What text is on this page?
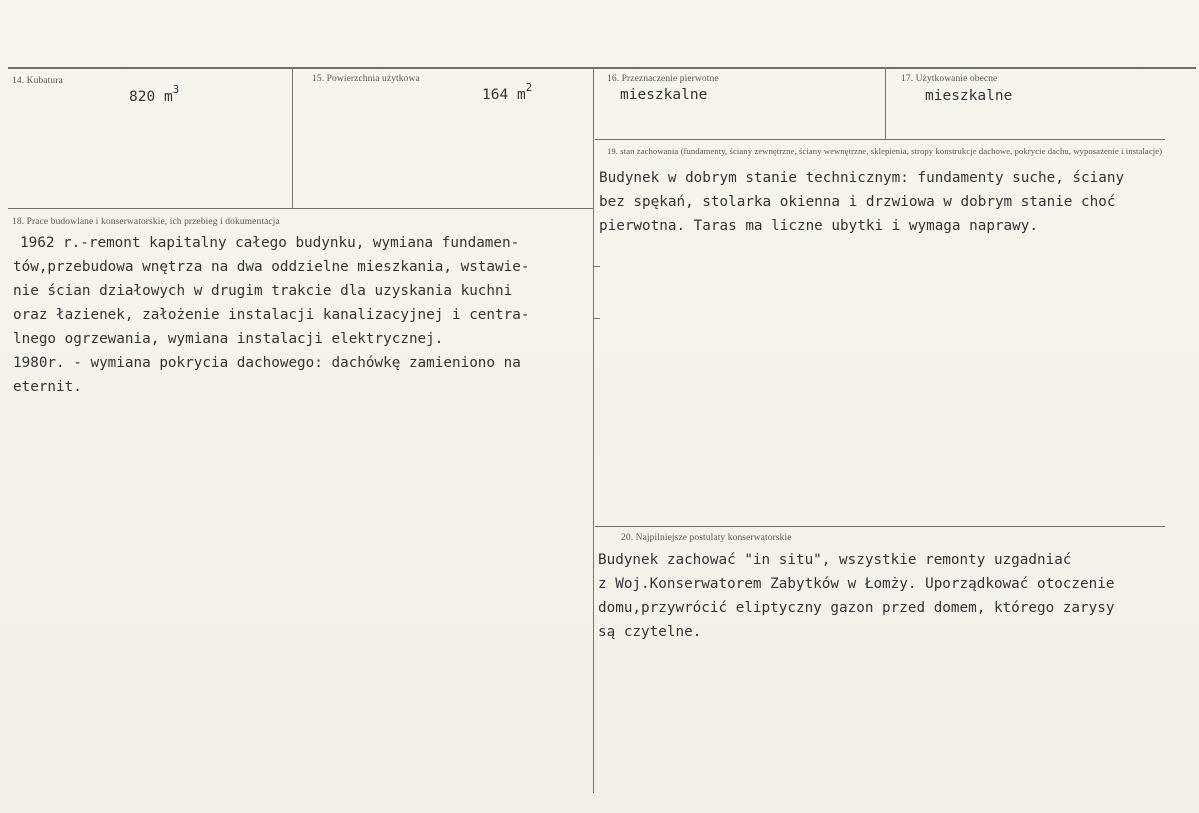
14. Kubatura
820 $m^3$
15. Powierzchnia użytkowa
164 $m^2$
16. Przeznaczenie pierwotne
mieszkalne
17. Użytkowanie obecne
mieszkalne
18. Prace budowlane i konserwatorskie, ich przebieg i dokumentacja
1962 r.-remont kapitalny całego budynku, wymiana fundamen-
tów,przebudowa wnętrza na dwa oddzielne mieszkania, wstawie-
nie ścian działowych w drugim trakcie dla uzyskania kuchni
oraz łazienek, założenie instalacji kanalizacyjnej i centra-
lnego ogrzewania, wymiana instalacji elektrycznej.
1980r. - wymiana pokrycia dachowego: dachówkę zamieniono na
eternit.
19. stan zachowania (fundamenty, ściany zewnętrzne, ściany wewnętrzne, sklepienia, stropy konstrukcje dachowe, pokrycie dachu, wyposażenie i instalacje)
Budynek w dobrym stanie technicznym: fundamenty suche, ściany
bez spękań, stolarka okienna i drzwiowa w dobrym stanie choć
pierwotna. Taras ma liczne ubytki i wymaga naprawy.
20. Najpilniejsze postulaty konserwatorskie
Budynek zachować "in situ", wszystkie remonty uzgadniać
z Woj.Konserwatorem Zabytków w Łomży. Uporządkować otoczenie
domu,przywrócić eliptyczny gazon przed domem, którego zarysy
są czytelne.
